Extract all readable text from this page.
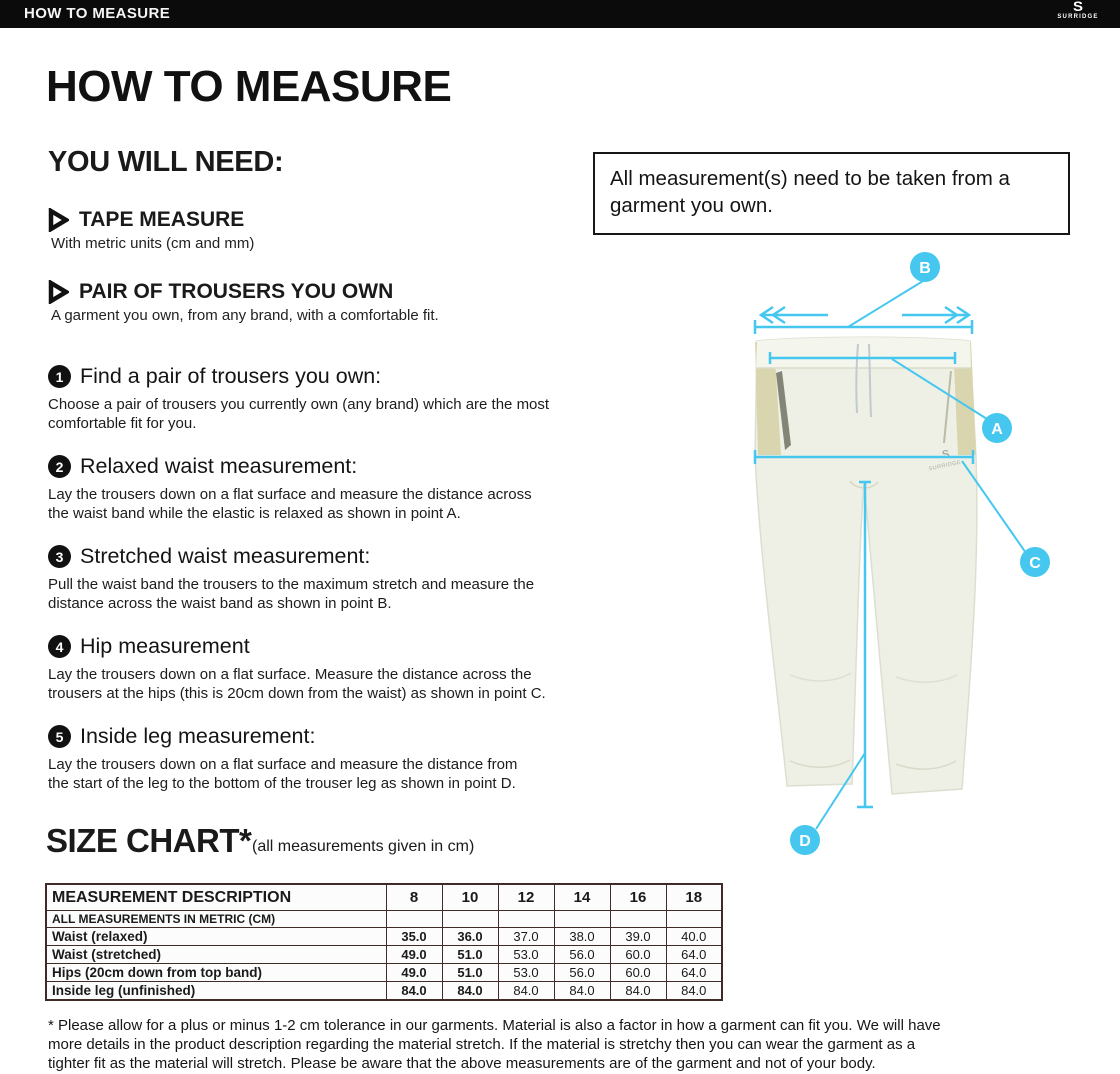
HOW TO MEASURE	S
SURRIDGE
HOW TO MEASURE
YOU WILL NEED:
TAPE MEASURE
With metric units (cm and mm)
PAIR OF TROUSERS YOU OWN
A garment you own, from any brand, with a comfortable fit.
All measurement(s) need to be taken from a
garment you own.
1 Find a pair of trousers you own:
Choose a pair of trousers you currently own (any brand) which are the most
comfortable fit for you.
2 Relaxed waist measurement:
Lay the trousers down on a flat surface and measure the distance across
the waist band while the elastic is relaxed as shown in point A.
3 Stretched waist measurement:
Pull the waist band the trousers to the maximum stretch and measure the
distance across the waist band as shown in point B.
4 Hip measurement
Lay the trousers down on a flat surface. Measure the distance across the
trousers at the hips (this is 20cm down from the waist) as shown in point C.
5 Inside leg measurement:
Lay the trousers down on a flat surface and measure the distance from
the start of the leg to the bottom of the trouser leg as shown in point D.
S
SURRIDGE
B
A
C
D
SIZE CHART* (all measurements given in cm)
MEASUREMENT DESCRIPTION	8	10	12	14	16	18
ALL MEASUREMENTS IN METRIC (CM)						
Waist (relaxed)	35.0	36.0	37.0	38.0	39.0	40.0
Waist (stretched)	49.0	51.0	53.0	56.0	60.0	64.0
Hips (20cm down from top band)	49.0	51.0	53.0	56.0	60.0	64.0
Inside leg (unfinished)	84.0	84.0	84.0	84.0	84.0	84.0
* Please allow for a plus or minus 1-2 cm tolerance in our garments. Material is also a factor in how a garment can fit you. We will have
more details in the product description regarding the material stretch. If the material is stretchy then you can wear the garment as a
tighter fit as the material will stretch. Please be aware that the above measurements are of the garment and not of your body.
